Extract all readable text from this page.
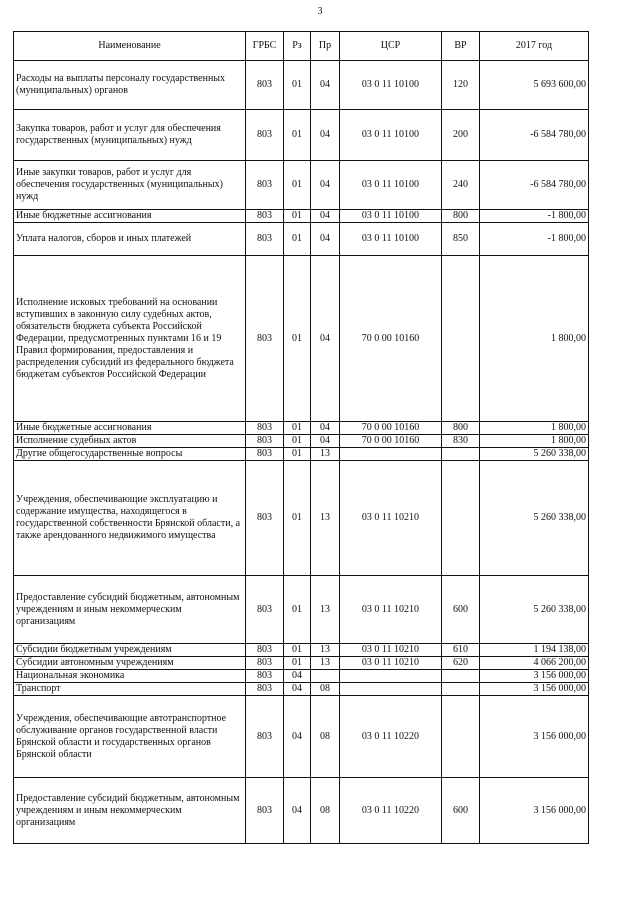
3
Наименование	ГРБС	Рз	Пр	ЦСР	ВР	2017 год
Расходы на выплаты персоналу государственных (муниципальных) органов	803	01	04	03 0 11 10100	120	5 693 600,00
Закупка товаров, работ и услуг для обеспечения государственных (муниципальных) нужд	803	01	04	03 0 11 10100	200	-6 584 780,00
Иные закупки товаров, работ и услуг для обеспечения государственных (муниципальных) нужд	803	01	04	03 0 11 10100	240	-6 584 780,00
Иные бюджетные ассигнования	803	01	04	03 0 11 10100	800	-1 800,00
Уплата налогов, сборов и иных платежей	803	01	04	03 0 11 10100	850	-1 800,00
Исполнение исковых требований на основании вступивших в законную силу судебных актов, обязательств бюджета субъекта Российской Федерации, предусмотренных пунктами 16 и 19 Правил формирования, предоставления и распределения субсидий из федерального бюджета бюджетам субъектов Российской Федерации	803	01	04	70 0 00 10160		1 800,00
Иные бюджетные ассигнования	803	01	04	70 0 00 10160	800	1 800,00
Исполнение судебных актов	803	01	04	70 0 00 10160	830	1 800,00
Другие общегосударственные вопросы	803	01	13			5 260 338,00
Учреждения, обеспечивающие эксплуатацию и содержание имущества, находящегося в государственной собственности Брянской области, а также арендованного недвижимого имущества	803	01	13	03 0 11 10210		5 260 338,00
Предоставление субсидий бюджетным, автономным учреждениям и иным некоммерческим организациям	803	01	13	03 0 11 10210	600	5 260 338,00
Субсидии бюджетным учреждениям	803	01	13	03 0 11 10210	610	1 194 138,00
Субсидии автономным учреждениям	803	01	13	03 0 11 10210	620	4 066 200,00
Национальная экономика	803	04				3 156 000,00
Транспорт	803	04	08			3 156 000,00
Учреждения, обеспечивающие автотранспортное обслуживание органов государственной власти Брянской области и государственных органов Брянской области	803	04	08	03 0 11 10220		3 156 000,00
Предоставление субсидий бюджетным, автономным учреждениям и иным некоммерческим организациям	803	04	08	03 0 11 10220	600	3 156 000,00
